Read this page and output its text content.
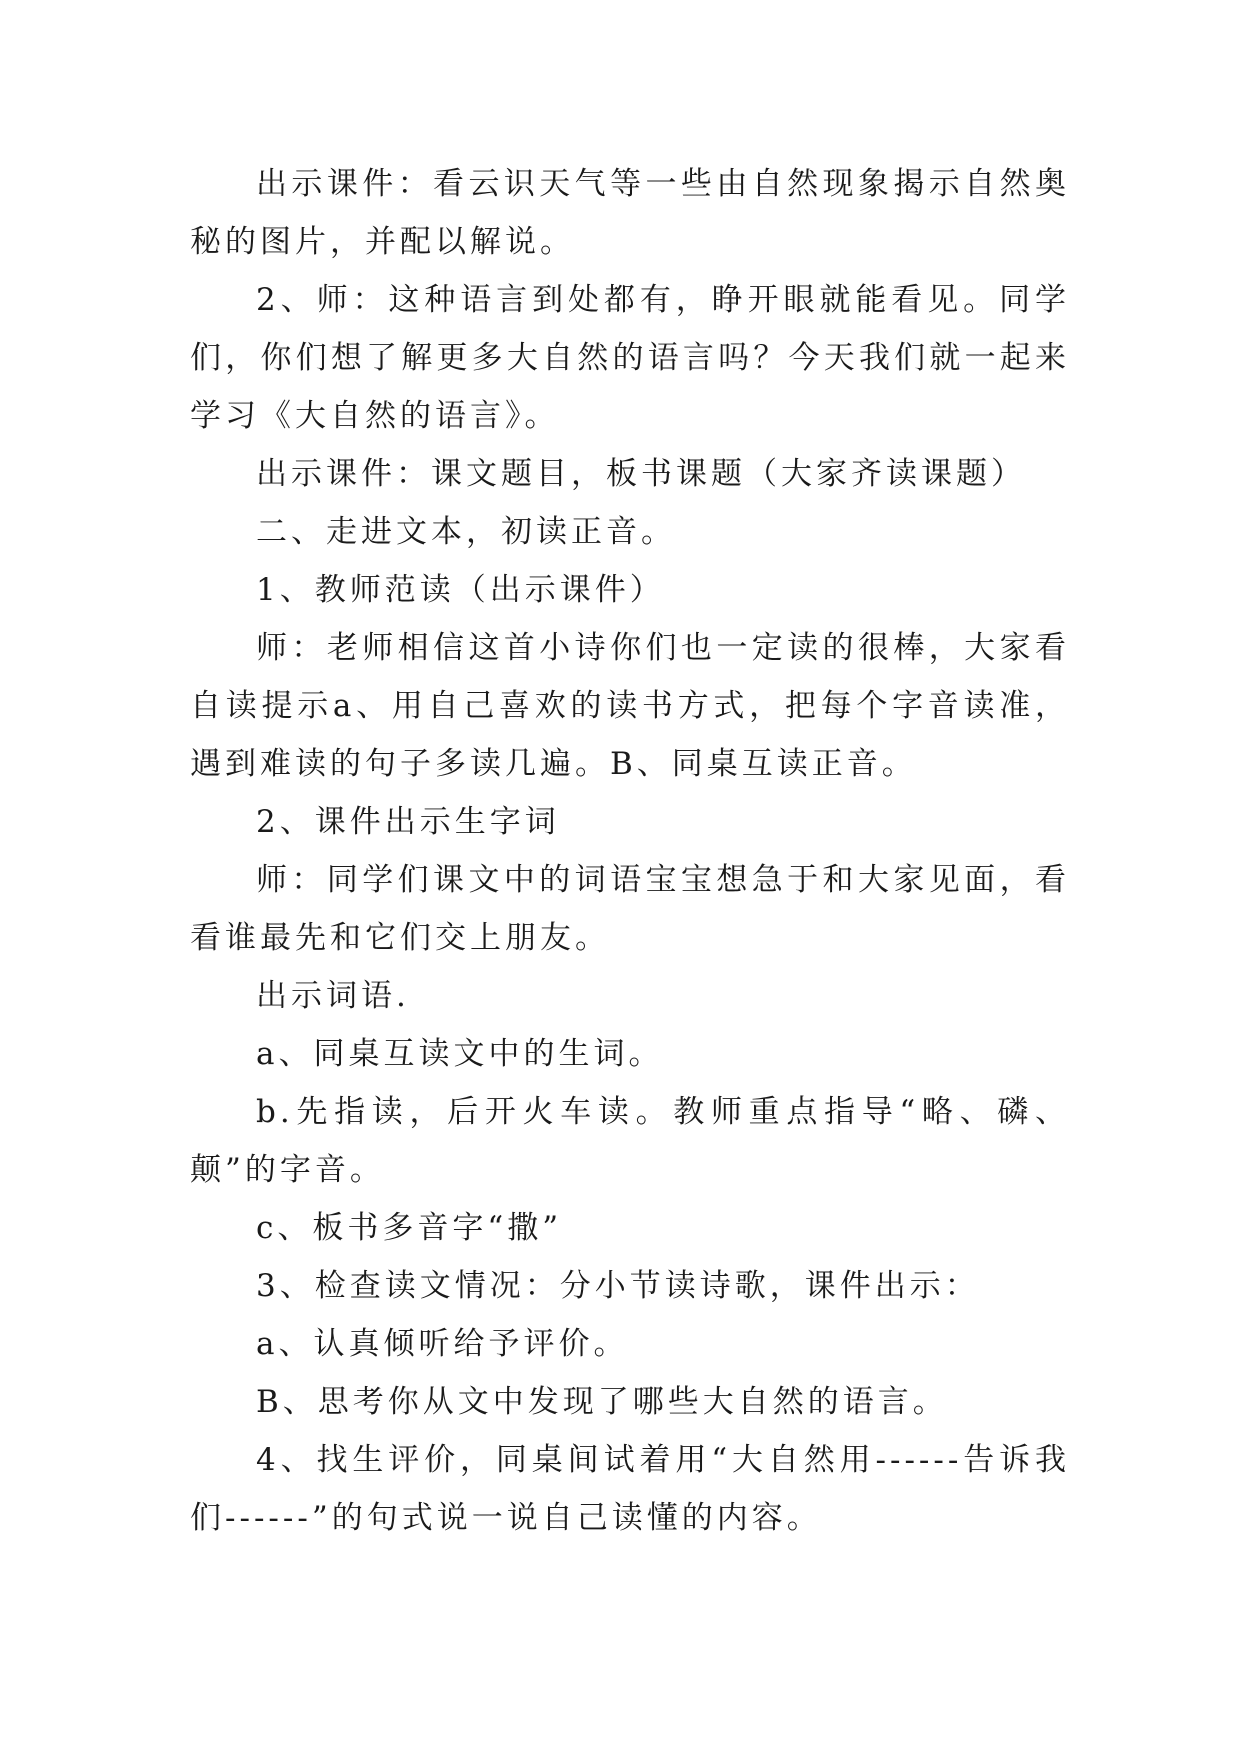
出示课件：看云识天气等一些由自然现象揭示自然奥秘的图片，并配以解说。

2、师：这种语言到处都有，睁开眼就能看见。同学们，你们想了解更多大自然的语言吗？今天我们就一起来学习《大自然的语言》。

出示课件：课文题目，板书课题（大家齐读课题）

二、走进文本，初读正音。

1、教师范读（出示课件）

师：老师相信这首小诗你们也一定读的很棒，大家看自读提示a、用自己喜欢的读书方式，把每个字音读准，遇到难读的句子多读几遍。B、同桌互读正音。

2、课件出示生字词

师：同学们课文中的词语宝宝想急于和大家见面，看看谁最先和它们交上朋友。

出示词语.

a、同桌互读文中的生词。

b.先指读，后开火车读。教师重点指导“略、磷、颠”的字音。

c、板书多音字“撒”

3、检查读文情况：分小节读诗歌，课件出示：

a、认真倾听给予评价。

B、思考你从文中发现了哪些大自然的语言。

4、找生评价，同桌间试着用“大自然用------告诉我们------”的句式说一说自己读懂的内容。
